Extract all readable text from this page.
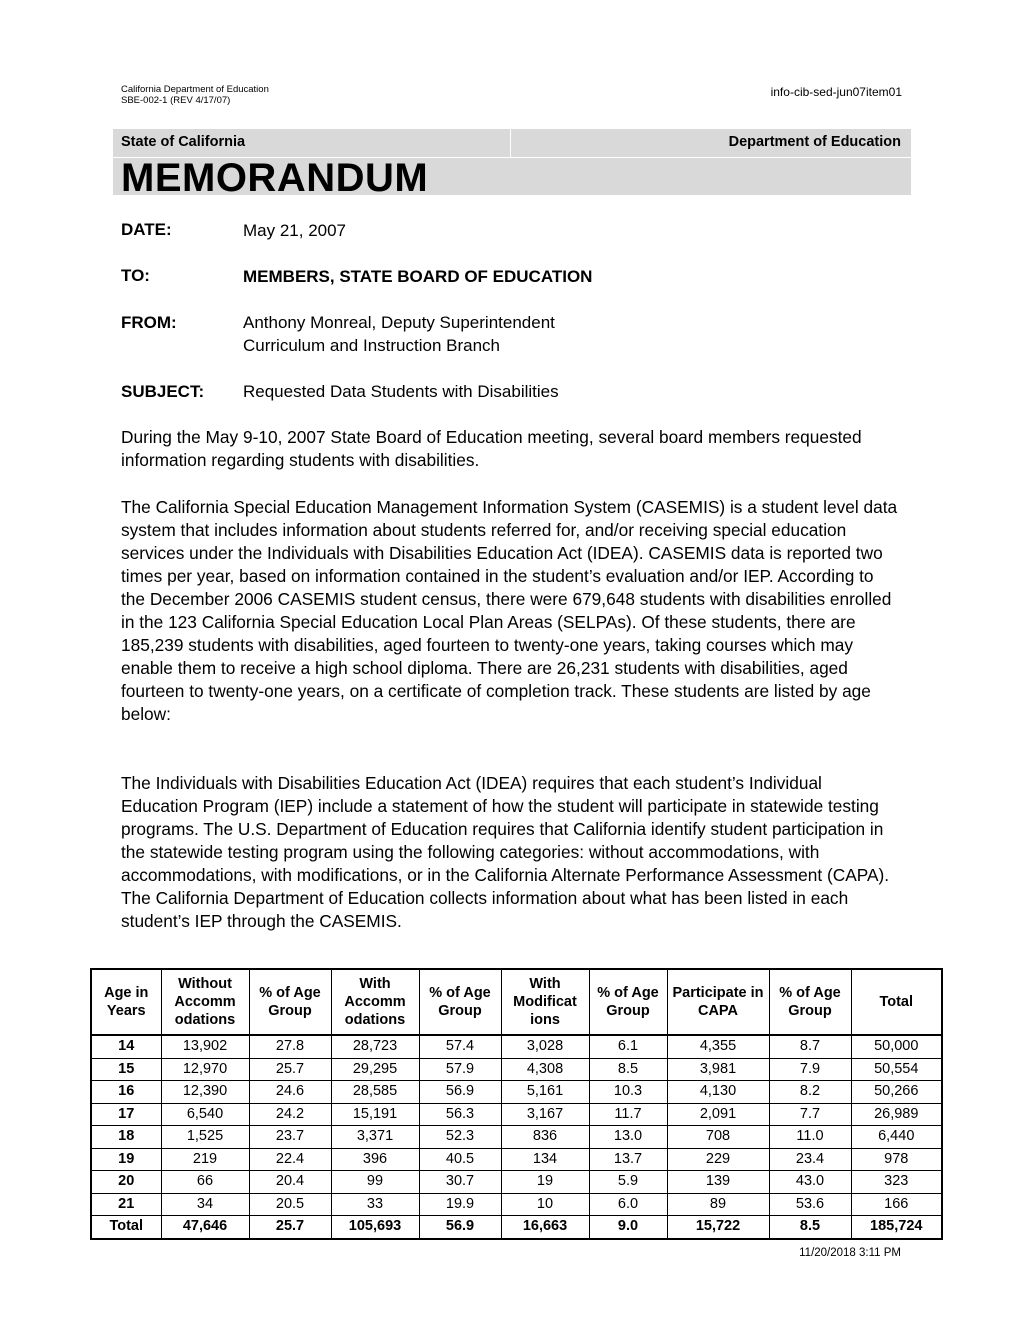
California Department of Education
SBE-002-1 (REV 4/17/07)
info-cib-sed-jun07item01
State of California	Department of Education
MEMORANDUM
DATE:	May 21, 2007
TO:	MEMBERS, STATE BOARD OF EDUCATION
FROM:	Anthony Monreal, Deputy Superintendent
Curriculum and Instruction Branch
SUBJECT: Requested Data Students with Disabilities
During the May 9-10, 2007 State Board of Education meeting, several board members requested information regarding students with disabilities.
The California Special Education Management Information System (CASEMIS) is a student level data system that includes information about students referred for, and/or receiving special education services under the Individuals with Disabilities Education Act (IDEA). CASEMIS data is reported two times per year, based on information contained in the student’s evaluation and/or IEP. According to the December 2006 CASEMIS student census, there were 679,648 students with disabilities enrolled in the 123 California Special Education Local Plan Areas (SELPAs). Of these students, there are 185,239 students with disabilities, aged fourteen to twenty-one years, taking courses which may enable them to receive a high school diploma. There are 26,231 students with disabilities, aged fourteen to twenty-one years, on a certificate of completion track. These students are listed by age below:
The Individuals with Disabilities Education Act (IDEA) requires that each student’s Individual Education Program (IEP) include a statement of how the student will participate in statewide testing programs. The U.S. Department of Education requires that California identify student participation in the statewide testing program using the following categories: without accommodations, with accommodations, with modifications, or in the California Alternate Performance Assessment (CAPA). The California Department of Education collects information about what has been listed in each student’s IEP through the CASEMIS.
Age in Years	Without Accomm odations	% of Age Group	With Accomm odations	% of Age Group	With Modificat ions	% of Age Group	Participate in CAPA	% of Age Group	Total
14	13,902	27.8	28,723	57.4	3,028	6.1	4,355	8.7	50,000
15	12,970	25.7	29,295	57.9	4,308	8.5	3,981	7.9	50,554
16	12,390	24.6	28,585	56.9	5,161	10.3	4,130	8.2	50,266
17	6,540	24.2	15,191	56.3	3,167	11.7	2,091	7.7	26,989
18	1,525	23.7	3,371	52.3	836	13.0	708	11.0	6,440
19	219	22.4	396	40.5	134	13.7	229	23.4	978
20	66	20.4	99	30.7	19	5.9	139	43.0	323
21	34	20.5	33	19.9	10	6.0	89	53.6	166
Total	47,646	25.7	105,693	56.9	16,663	9.0	15,722	8.5	185,724
11/20/2018 3:11 PM
